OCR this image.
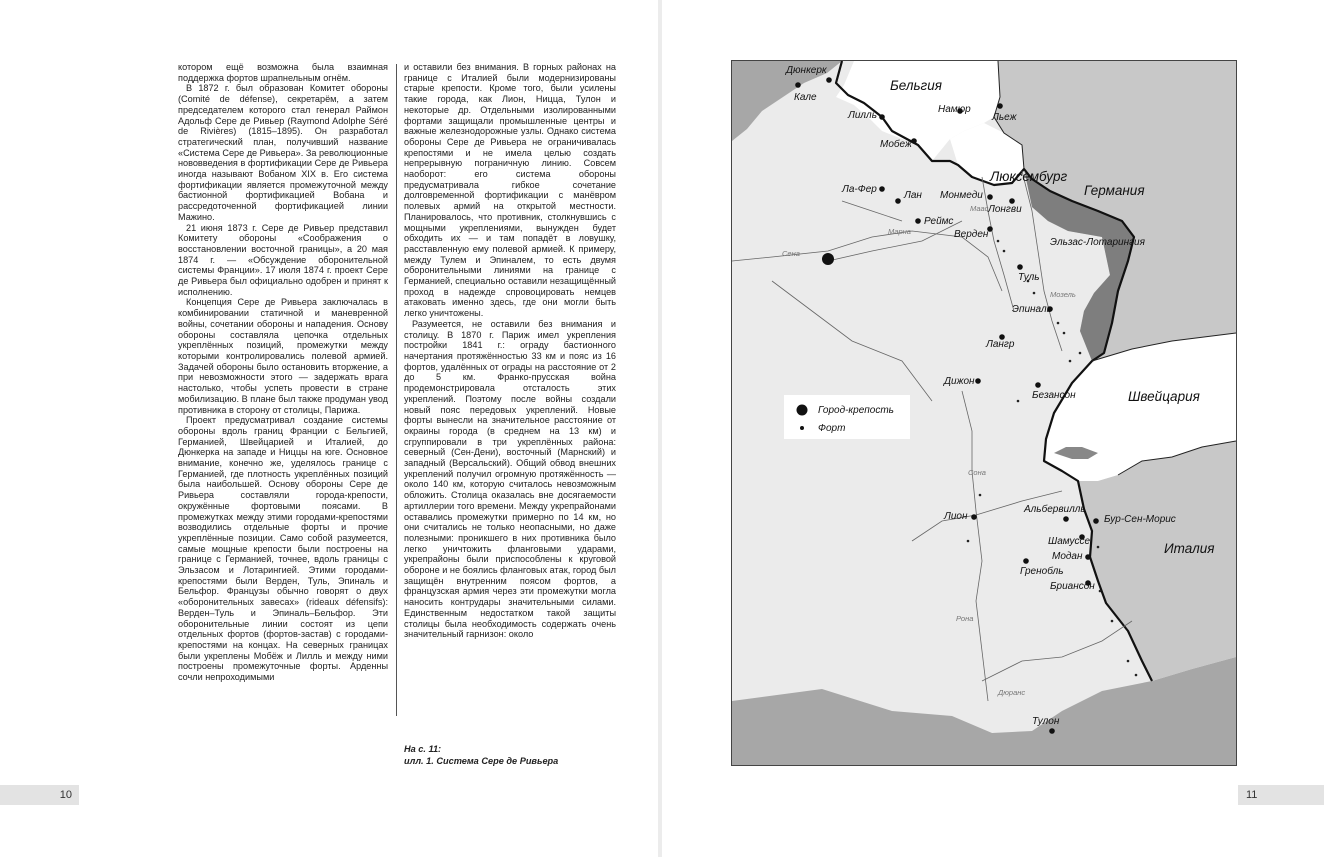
котором ещё возможна была взаимная поддержка фортов шрапнельным огнём.

В 1872 г. был образован Комитет обороны (Comité de défense), секретарём, а затем председателем которого стал генерал Раймон Адольф Сере де Ривьер (Raymond Adolphe Séré de Rivières) (1815–1895). Он разработал стратегический план, получивший название «Система Сере де Ривьера». За революционные нововведения в фортификации Сере де Ривьера иногда называют Вобаном XIX в. Его система фортификации является промежуточной между бастионной фортификацией Вобана и рассредоточенной фортификацией линии Мажино.

21 июня 1873 г. Сере де Ривьер представил Комитету обороны «Соображения о восстановлении восточной границы», а 20 мая 1874 г. — «Обсуждение оборонительной системы Франции». 17 июля 1874 г. проект Сере де Ривьера был официально одобрен и принят к исполнению.

Концепция Сере де Ривьера заключалась в комбинировании статичной и маневренной войны, сочетании обороны и нападения. Основу обороны составляла цепочка отдельных укреплённых позиций, промежутки между которыми контролировались полевой армией. Задачей обороны было остановить вторжение, а при невозможности этого — задержать врага настолько, чтобы успеть провести в стране мобилизацию. В плане был также продуман увод противника в сторону от столицы, Парижа.

Проект предусматривал создание системы обороны вдоль границ Франции с Бельгией, Германией, Швейцарией и Италией, до Дюнкерка на западе и Ниццы на юге. Основное внимание, конечно же, уделялось границе с Германией, где плотность укреплённых позиций была наибольшей. Основу обороны Сере де Ривьера составляли города-крепости, окружённые фортовыми поясами. В промежутках между этими городами-крепостями возводились отдельные форты и прочие укреплённые позиции. Само собой разумеется, самые мощные крепости были построены на границе с Германией, точнее, вдоль границы с Эльзасом и Лотарингией. Этими городами-крепостями были Верден, Туль, Эпиналь и Бельфор. Французы обычно говорят о двух «оборонительных завесах» (rideaux défensifs): Верден–Туль и Эпиналь–Бельфор. Эти оборонительные линии состоят из цепи отдельных фортов (фортов-застав) с городами-крепостями на концах. На северных границах были укреплены Мобёж и Лилль и между ними построены промежуточные форты. Арденны сочли непроходимыми

и оставили без внимания. В горных районах на границе с Италией были модернизированы старые крепости. Кроме того, были усилены такие города, как Лион, Ницца, Тулон и некоторые др. Отдельными изолированными фортами защищали промышленные центры и важные железнодорожные узлы. Однако система обороны Сере де Ривьера не ограничивалась крепостями и не имела целью создать непрерывную пограничную линию. Совсем наоборот: его система обороны предусматривала гибкое сочетание долговременной фортификации с манёвром полевых армий на открытой местности. Планировалось, что противник, столкнувшись с мощными укреплениями, вынужден будет обходить их — и там попадёт в ловушку, расставленную ему полевой армией. К примеру, между Тулем и Эпиналем, то есть двумя оборонительными линиями на границе с Германией, специально оставили незащищённый проход в надежде спровоцировать немцев атаковать именно здесь, где они могли быть легко уничтожены.

Разумеется, не оставили без внимания и столицу. В 1870 г. Париж имел укрепления постройки 1841 г.: ограду бастионного начертания протяжённостью 33 км и пояс из 16 фортов, удалённых от ограды на расстояние от 2 до 5 км. Франко-прусская война продемонстрировала отсталость этих укреплений. Поэтому после войны создали новый пояс передовых укреплений. Новые форты вынесли на значительное расстояние от окраины города (в среднем на 13 км) и сгруппировали в три укреплённых района: северный (Сен-Дени), восточный (Марнский) и западный (Версальский). Общий обвод внешних укреплений получил огромную протяжённость — около 140 км, которую считалось невозможным обложить. Столица оказалась вне досягаемости артиллерии того времени. Между укрепрайонами оставались промежутки примерно по 14 км, но они считались не только неопасными, но даже полезными: проникшего в них противника было легко уничтожить фланговыми ударами, укрепрайоны были приспособлены к круговой обороне и не боялись фланговых атак, город был защищён внутренним поясом фортов, а французская армия через эти промежутки могла наносить контрудары значительными силами. Единственным недостатком такой защиты столицы была необходимость содержать очень значительный гарнизон: около

На с. 11:
илл. 1. Система Сере де Ривьера
10	11
Сена
Марна
Маас
Мозель
Сона
Рона
Дюранс
Бельгия
Люксембург
Германия
Эльзас-Лотарингия
Швейцария
Италия
Дюнкерк
Кале
Лилль
Мобеж
Намюр
Льеж
Ла-Фер
Лан Монмеди
Лонгви
Реймс
Верден
Туль
Эпиналь
Лангр
Дижон
Безансон
Лион
Альбервилль
Бур-Сен-Морис
Шамуссе
Модан
Гренобль
Бриансон
Тулон
Город-крепость
Форт
